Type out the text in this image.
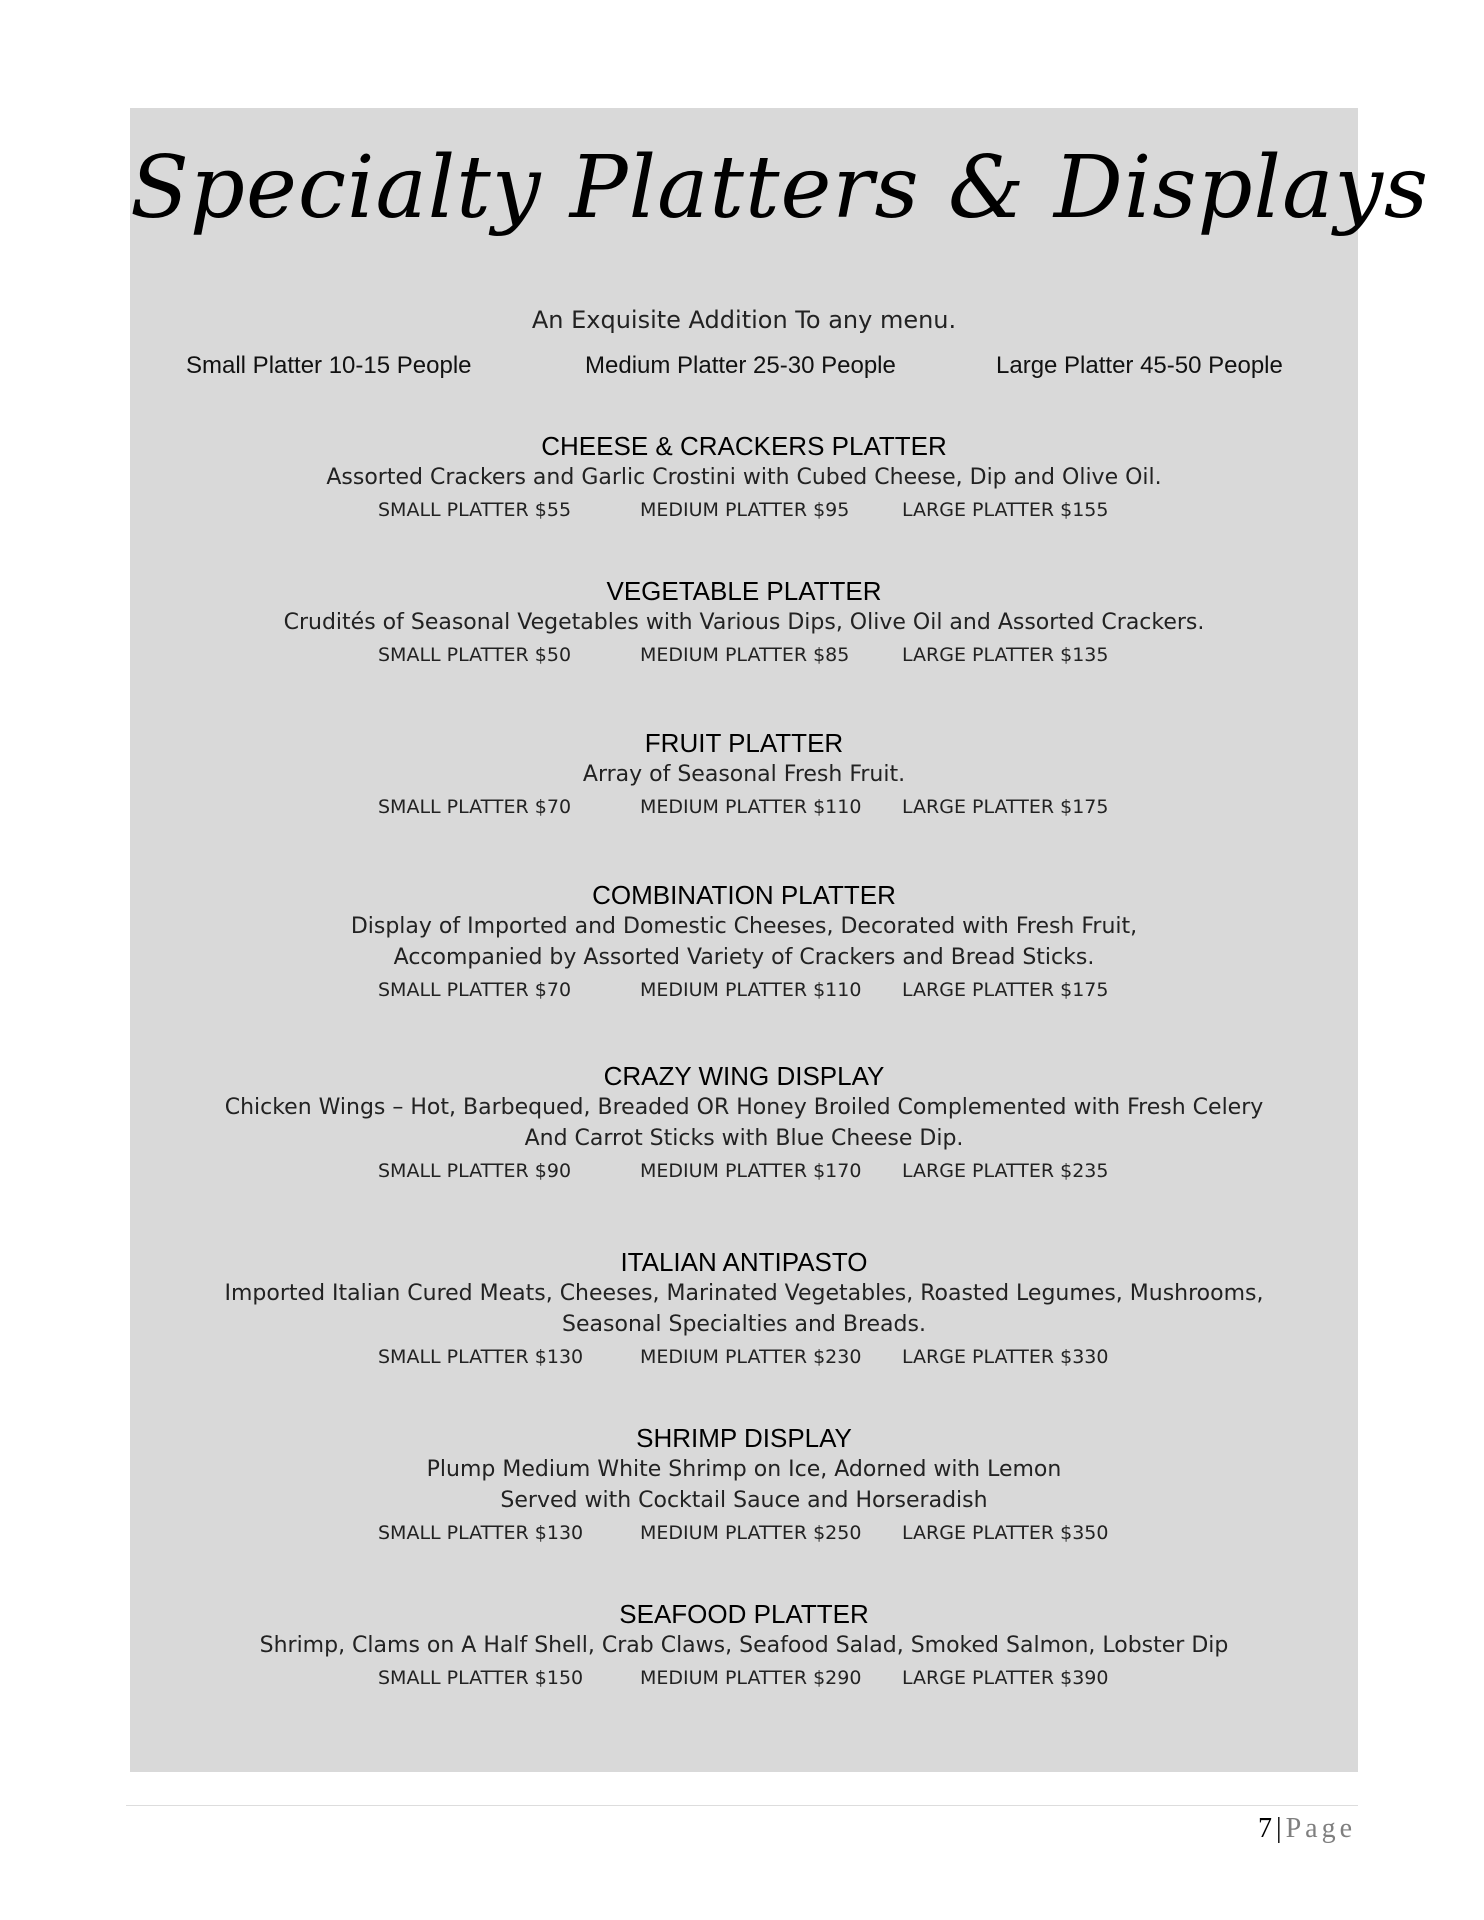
Specialty Platters & Displays
An Exquisite Addition To any menu.
Small Platter 10-15 People	Medium Platter 25-30 People	Large Platter 45-50 People
CHEESE & CRACKERS PLATTER
Assorted Crackers and Garlic Crostini with Cubed Cheese, Dip and Olive Oil.
SMALL PLATTER $55	MEDIUM PLATTER $95	LARGE PLATTER $155
VEGETABLE PLATTER
Crudités of Seasonal Vegetables with Various Dips, Olive Oil and Assorted Crackers.
SMALL PLATTER $50	MEDIUM PLATTER $85	LARGE PLATTER $135
FRUIT PLATTER
Array of Seasonal Fresh Fruit.
SMALL PLATTER $70	MEDIUM PLATTER $110 LARGE PLATTER $175
COMBINATION PLATTER
Display of Imported and Domestic Cheeses, Decorated with Fresh Fruit,
Accompanied by Assorted Variety of Crackers and Bread Sticks.
SMALL PLATTER $70	MEDIUM PLATTER $110 LARGE PLATTER $175
CRAZY WING DISPLAY
Chicken Wings – Hot, Barbequed, Breaded OR Honey Broiled Complemented with Fresh Celery
And Carrot Sticks with Blue Cheese Dip.
SMALL PLATTER $90	MEDIUM PLATTER $170 LARGE PLATTER $235
ITALIAN ANTIPASTO
Imported Italian Cured Meats, Cheeses, Marinated Vegetables, Roasted Legumes, Mushrooms,
Seasonal Specialties and Breads.
SMALL PLATTER $130	MEDIUM PLATTER $230 LARGE PLATTER $330
SHRIMP DISPLAY
Plump Medium White Shrimp on Ice, Adorned with Lemon
Served with Cocktail Sauce and Horseradish
SMALL PLATTER $130	MEDIUM PLATTER $250 LARGE PLATTER $350
SEAFOOD PLATTER
Shrimp, Clams on A Half Shell, Crab Claws, Seafood Salad, Smoked Salmon, Lobster Dip
SMALL PLATTER $150	MEDIUM PLATTER $290 LARGE PLATTER $390
7 | Page
